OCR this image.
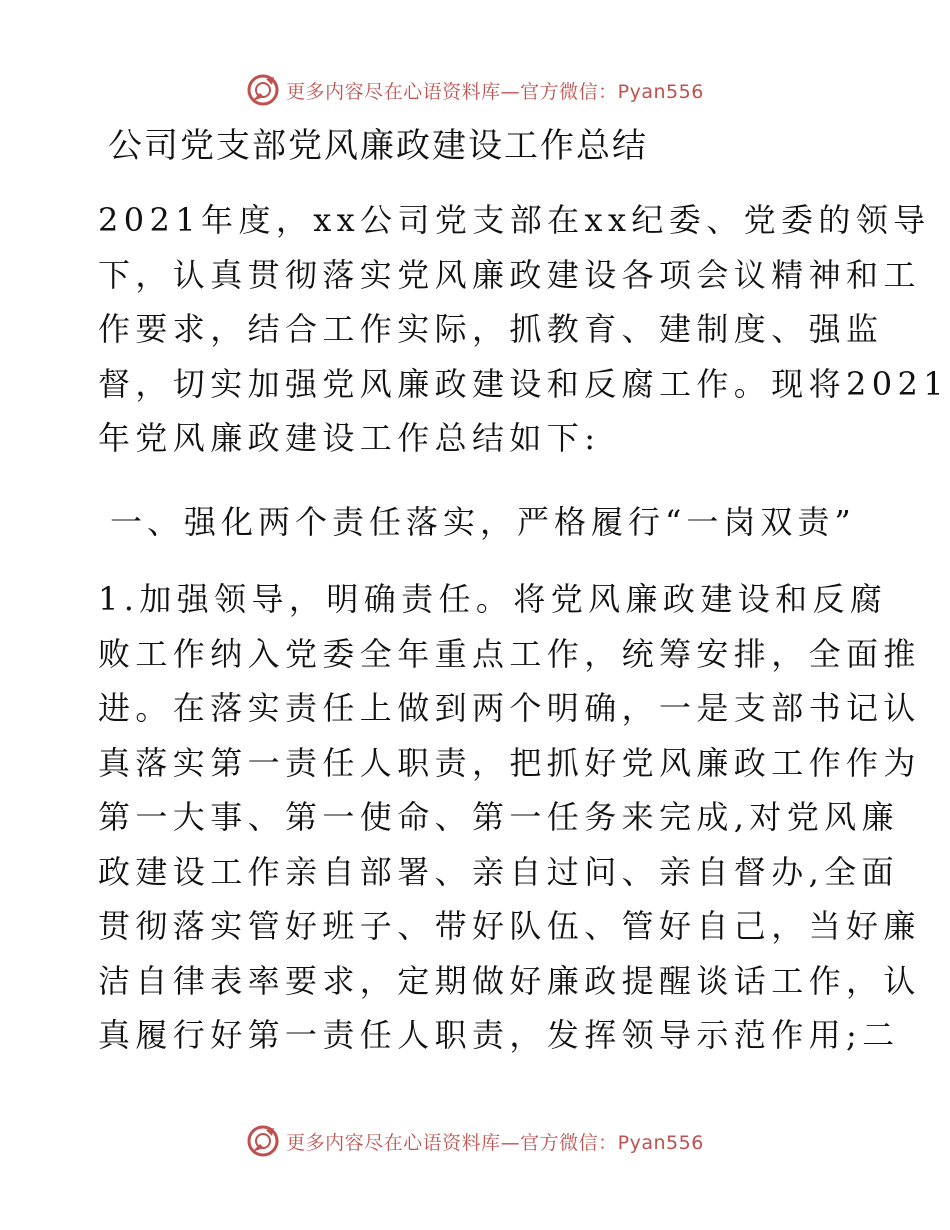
更多内容尽在心语资料库—官方微信：Pyan556
公司党支部党风廉政建设工作总结
2021年度，xx公司党支部在xx纪委、党委的领导
下，认真贯彻落实党风廉政建设各项会议精神和工
作要求，结合工作实际，抓教育、建制度、强监
督，切实加强党风廉政建设和反腐工作。现将2021
年党风廉政建设工作总结如下:
一、强化两个责任落实，严格履行“一岗双责”
1.加强领导，明确责任。将党风廉政建设和反腐
败工作纳入党委全年重点工作，统筹安排，全面推
进。在落实责任上做到两个明确，一是支部书记认
真落实第一责任人职责，把抓好党风廉政工作作为
第一大事、第一使命、第一任务来完成,对党风廉
政建设工作亲自部署、亲自过问、亲自督办,全面
贯彻落实管好班子、带好队伍、管好自己，当好廉
洁自律表率要求，定期做好廉政提醒谈话工作，认
真履行好第一责任人职责，发挥领导示范作用;二
更多内容尽在心语资料库—官方微信：Pyan556
